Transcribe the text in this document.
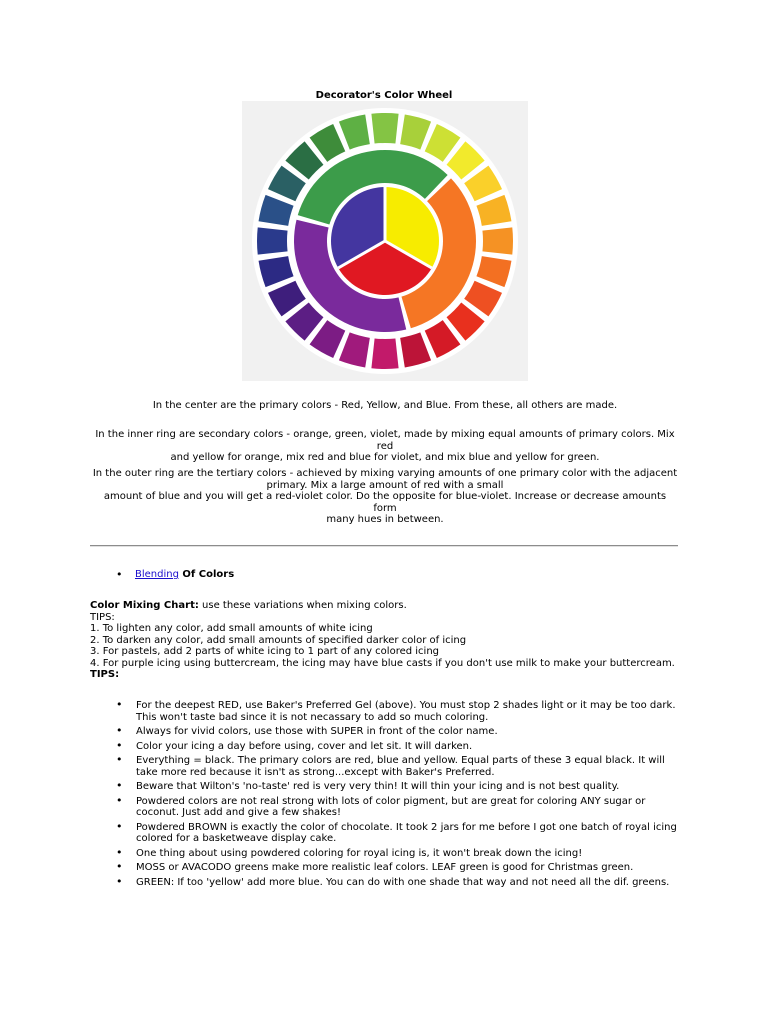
Decorator's Color Wheel
In the center are the primary colors - Red, Yellow, and Blue. From these, all others are made.
In the inner ring are secondary colors - orange, green, violet, made by mixing equal amounts of primary colors. Mix red
and yellow for orange, mix red and blue for violet, and mix blue and yellow for green.
In the outer ring are the tertiary colors - achieved by mixing varying amounts of one primary color with the adjacent
primary. Mix a large amount of red with a small
amount of blue and you will get a red-violet color. Do the opposite for blue-violet. Increase or decrease amounts form
many hues in between.
• Blending Of Colors
Color Mixing Chart: use these variations when mixing colors.
TIPS:
1. To lighten any color, add small amounts of white icing
2. To darken any color, add small amounts of specified darker color of icing
3. For pastels, add 2 parts of white icing to 1 part of any colored icing
4. For purple icing using buttercream, the icing may have blue casts if you don't use milk to make your buttercream.
TIPS:
• For the deepest RED, use Baker's Preferred Gel (above). You must stop 2 shades light or it may be too dark. This won't taste bad since it is not necassary to add so much coloring.
• Always for vivid colors, use those with SUPER in front of the color name.
• Color your icing a day before using, cover and let sit. It will darken.
• Everything = black. The primary colors are red, blue and yellow. Equal parts of these 3 equal black. It will take more red because it isn't as strong...except with Baker's Preferred.
• Beware that Wilton's 'no-taste' red is very very thin! It will thin your icing and is not best quality.
• Powdered colors are not real strong with lots of color pigment, but are great for coloring ANY sugar or coconut. Just add and give a few shakes!
• Powdered BROWN is exactly the color of chocolate. It took 2 jars for me before I got one batch of royal icing colored for a basketweave display cake.
• One thing about using powdered coloring for royal icing is, it won't break down the icing!
• MOSS or AVACODO greens make more realistic leaf colors. LEAF green is good for Christmas green.
• GREEN: If too 'yellow' add more blue. You can do with one shade that way and not need all the dif. greens.
